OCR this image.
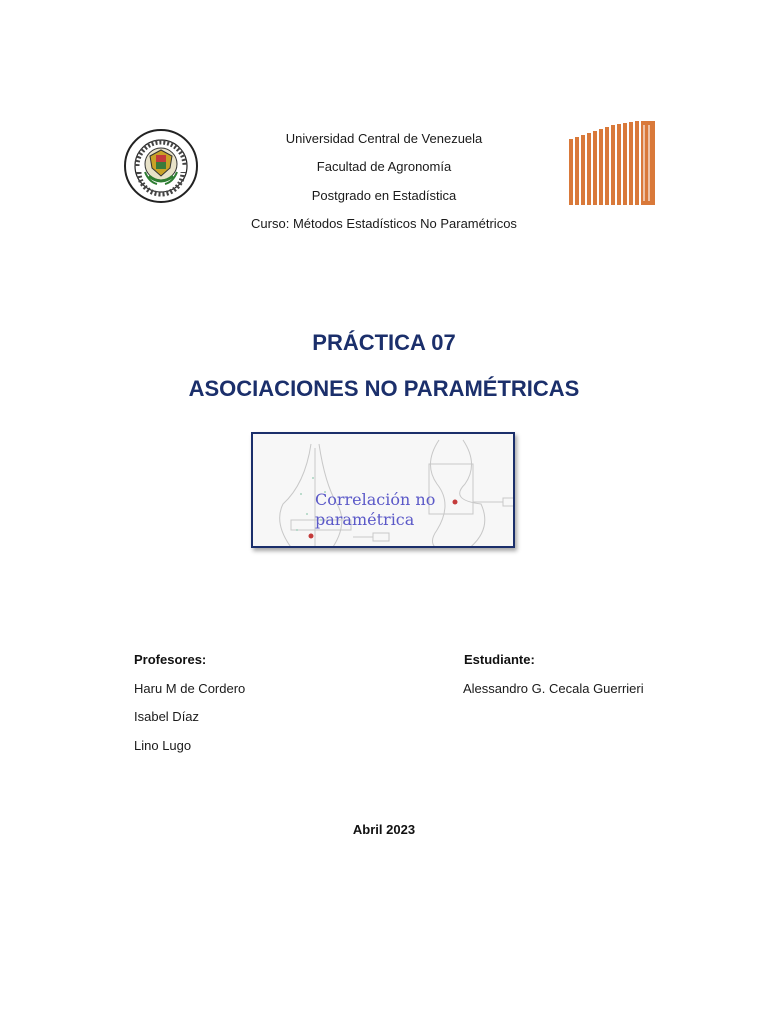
Universidad Central de Venezuela
Facultad de Agronomía
Postgrado en Estadística
Curso: Métodos Estadísticos No Paramétricos
PRÁCTICA 07
ASOCIACIONES NO PARAMÉTRICAS
Correlación no
paramétrica
Profesores:
Haru M de Cordero
Isabel Díaz
Lino Lugo
Estudiante:
Alessandro G. Cecala Guerrieri
Abril 2023
